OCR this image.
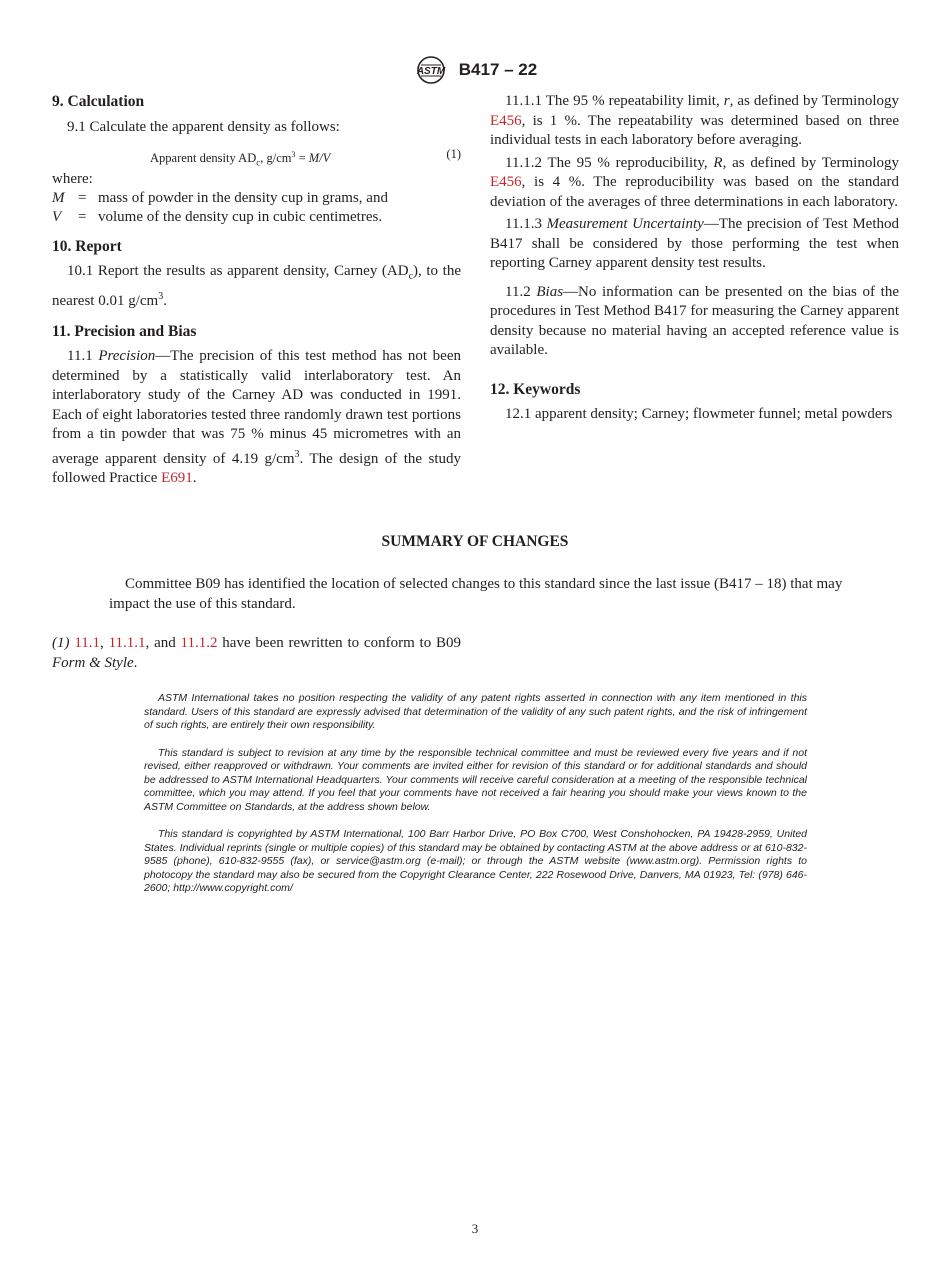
ASTM B417 – 22
9. Calculation

9.1 Calculate the apparent density as follows:

Apparent density $AD_c$, $g/cm^3 = M/V$	(1)
where:
M = mass of powder in the density cup in grams, and
V = volume of the density cup in cubic centimetres.
10. Report

10.1 Report the results as apparent density, Carney $(AD_c)$, to the nearest 0.01 $g/cm^3$.

11. Precision and Bias

11.1 Precision—The precision of this test method has not been determined by a statistically valid interlaboratory test. An interlaboratory study of the Carney AD was conducted in 1991. Each of eight laboratories tested three randomly drawn test portions from a tin powder that was 75 % minus 45 micrometres with an average apparent density of 4.19 $g/cm^3$. The design of the study followed Practice E691.

11.1.1 The 95 % repeatability limit, r, as defined by Terminology E456, is 1 %. The repeatability was determined based on three individual tests in each laboratory before averaging.

11.1.2 The 95 % reproducibility, R, as defined by Terminology E456, is 4 %. The reproducibility was based on the standard deviation of the averages of three determinations in each laboratory.

11.1.3 Measurement Uncertainty—The precision of Test Method B417 shall be considered by those performing the test when reporting Carney apparent density test results.

11.2 Bias—No information can be presented on the bias of the procedures in Test Method B417 for measuring the Carney apparent density because no material having an accepted reference value is available.

12. Keywords

12.1 apparent density; Carney; flowmeter funnel; metal powders

SUMMARY OF CHANGES

Committee B09 has identified the location of selected changes to this standard since the last issue (B417 – 18) that may impact the use of this standard.

(1) 11.1, 11.1.1, and 11.1.2 have been rewritten to conform to B09 Form & Style.

ASTM International takes no position respecting the validity of any patent rights asserted in connection with any item mentioned in this standard. Users of this standard are expressly advised that determination of the validity of any such patent rights, and the risk of infringement of such rights, are entirely their own responsibility.

This standard is subject to revision at any time by the responsible technical committee and must be reviewed every five years and if not revised, either reapproved or withdrawn. Your comments are invited either for revision of this standard or for additional standards and should be addressed to ASTM International Headquarters. Your comments will receive careful consideration at a meeting of the responsible technical committee, which you may attend. If you feel that your comments have not received a fair hearing you should make your views known to the ASTM Committee on Standards, at the address shown below.

This standard is copyrighted by ASTM International, 100 Barr Harbor Drive, PO Box C700, West Conshohocken, PA 19428-2959, United States. Individual reprints (single or multiple copies) of this standard may be obtained by contacting ASTM at the above address or at 610-832-9585 (phone), 610-832-9555 (fax), or service@astm.org (e-mail); or through the ASTM website (www.astm.org). Permission rights to photocopy the standard may also be secured from the Copyright Clearance Center, 222 Rosewood Drive, Danvers, MA 01923, Tel: (978) 646-2600; http://www.copyright.com/

3
